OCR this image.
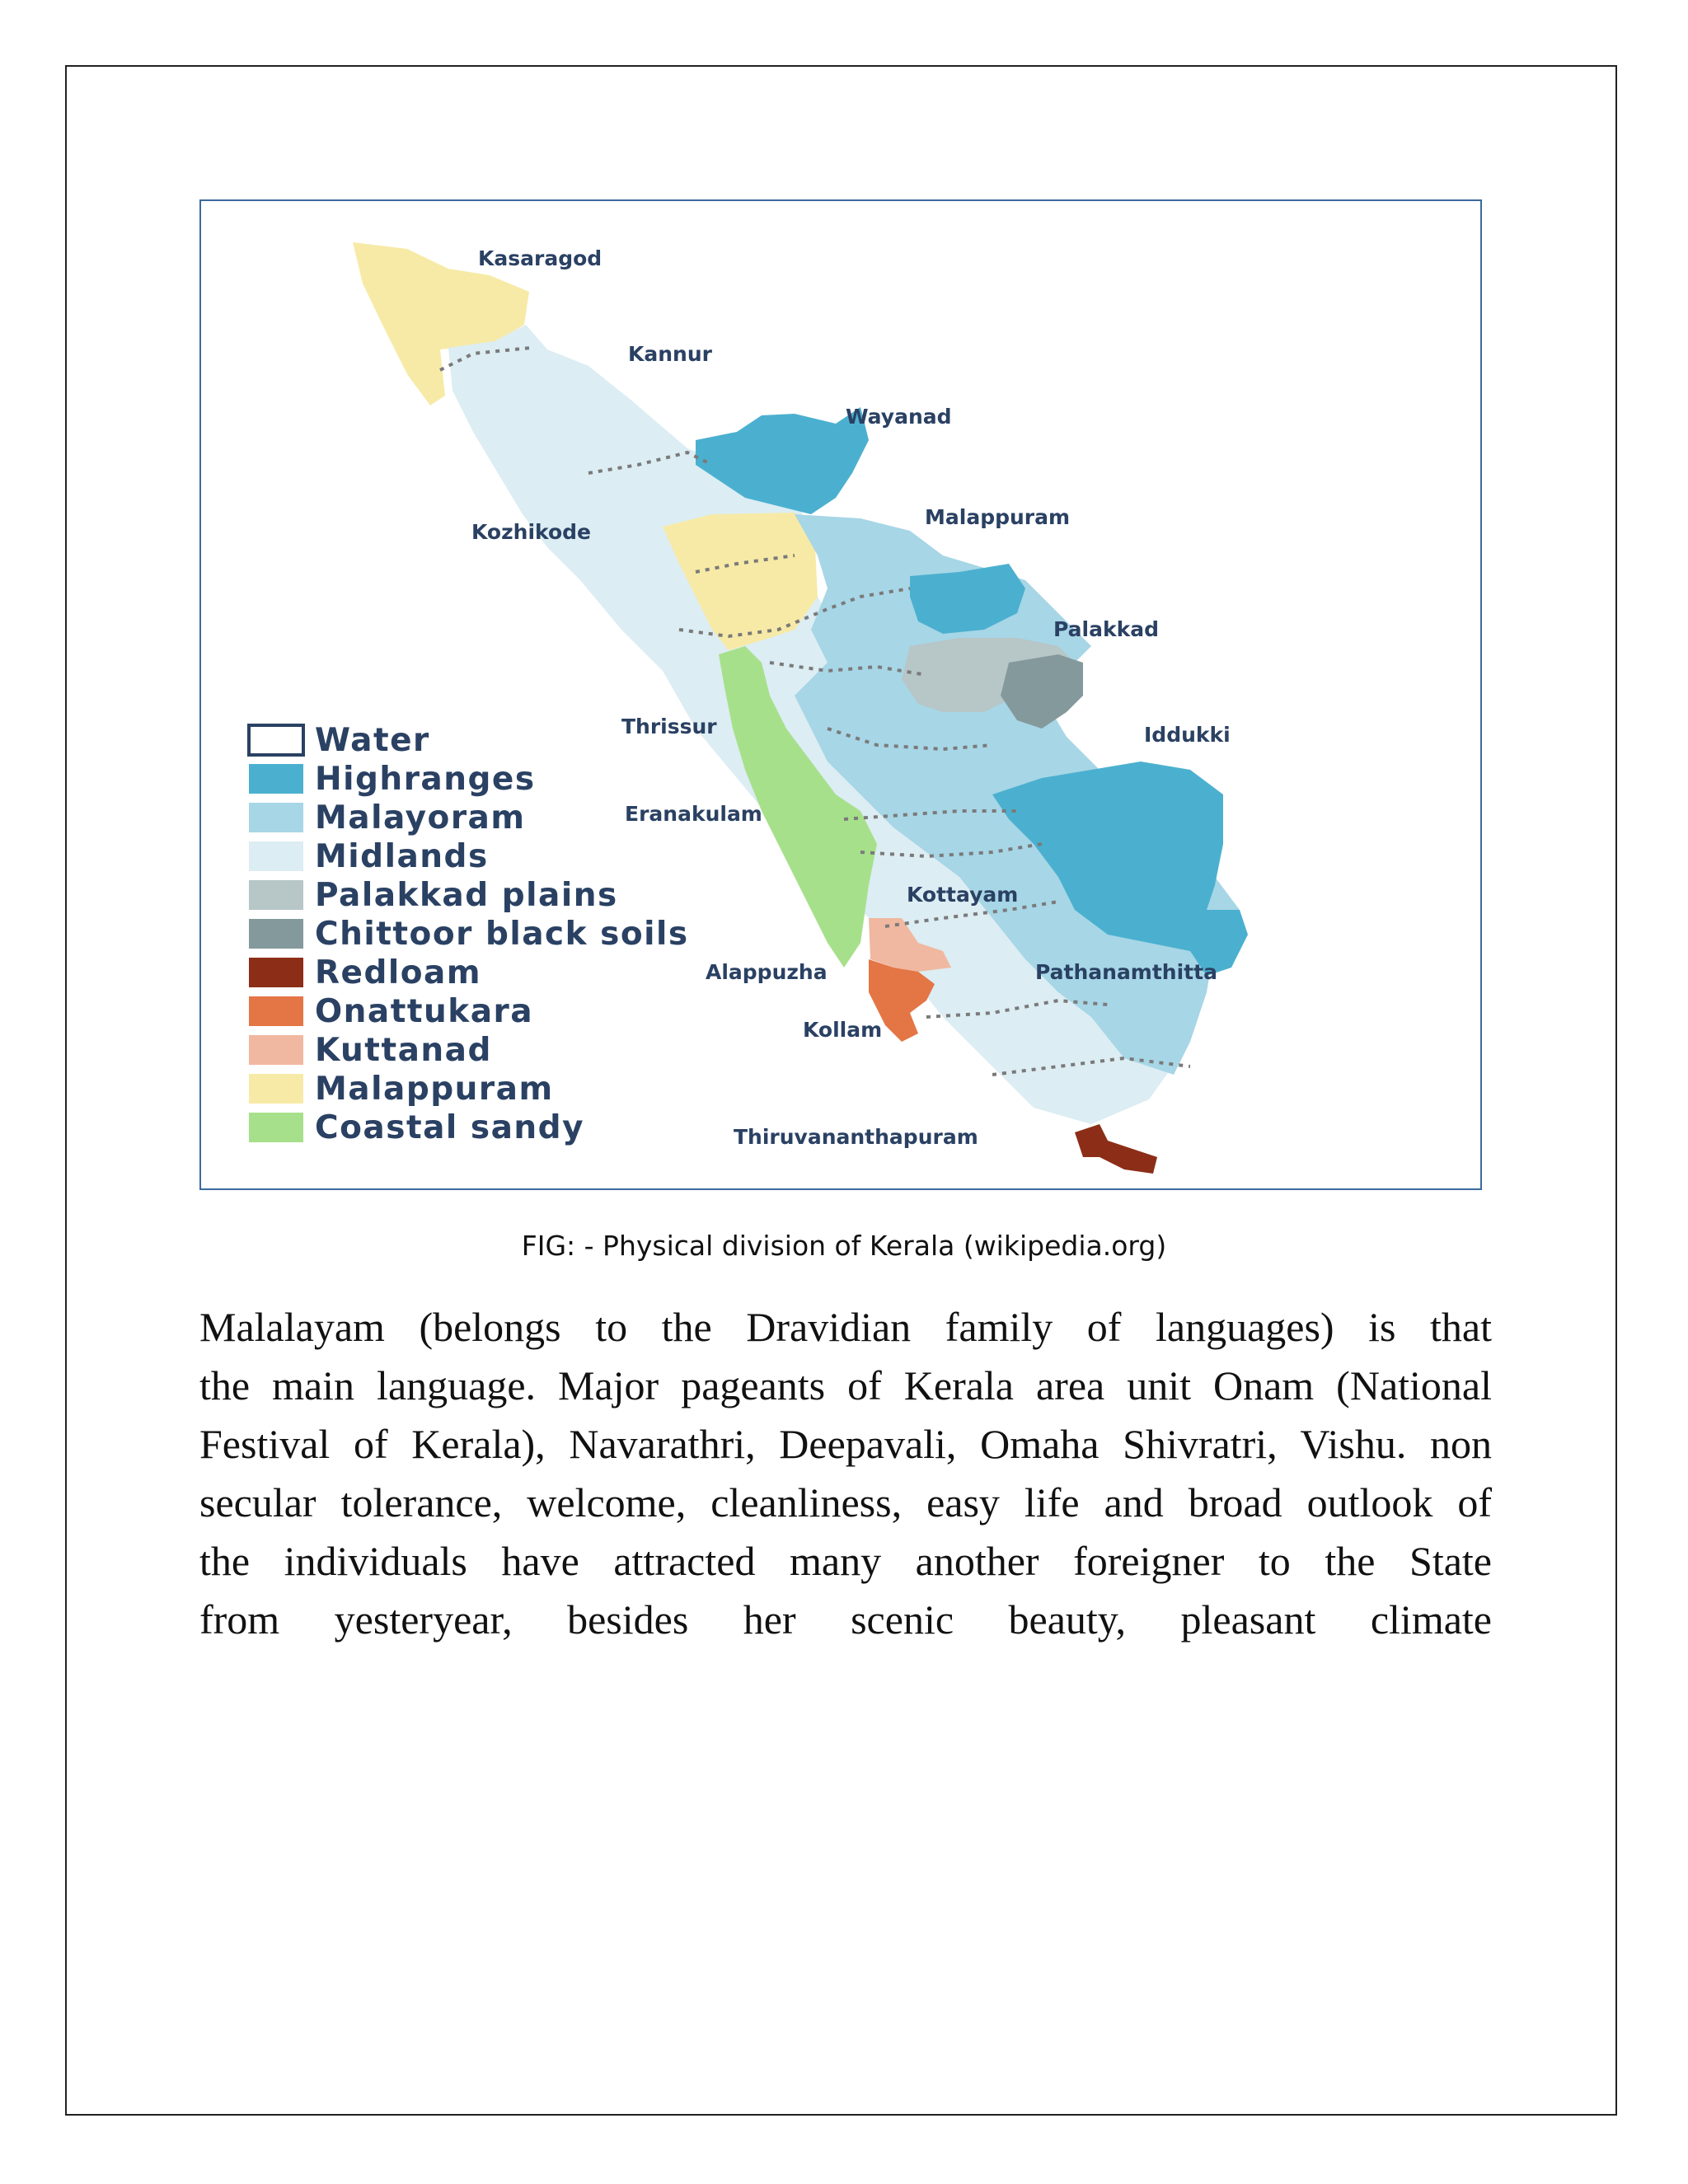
Kasaragod
Kannur
Wayanad
Kozhikode
Malappuram
Palakkad
Thrissur	Iddukki
Eranakulam
Kottayam
Alappuzha	Pathanamthitta
Kollam
Thiruvananthapuram
Water
Highranges
Malayoram
Midlands
Palakkad plains
Chittoor black soils
Redloam
Onattukara
Kuttanad
Malappuram
Coastal sandy
FIG: - Physical division of Kerala (wikipedia.org)

Malalayam (belongs to the Dravidian family of languages) is that

the main language. Major pageants of Kerala area unit Onam (National

Festival of Kerala), Navarathri, Deepavali, Omaha Shivratri, Vishu. non

secular tolerance, welcome, cleanliness, easy life and broad outlook of

the individuals have attracted many another foreigner to the State

from yesteryear, besides her scenic beauty, pleasant climate
